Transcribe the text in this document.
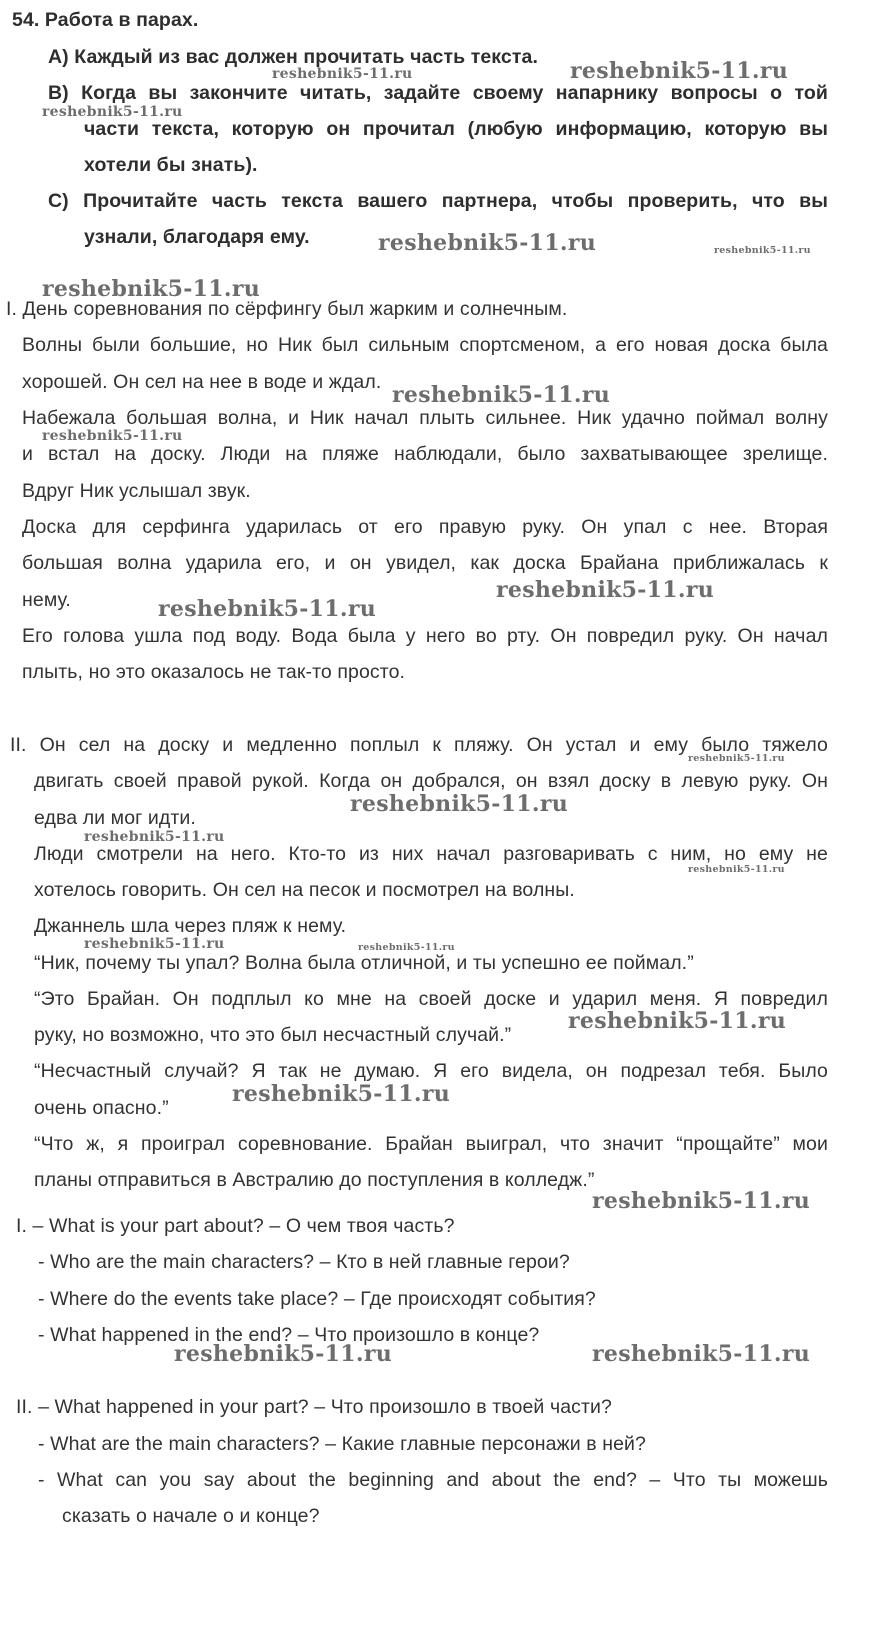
54. Работа в парах.
А) Каждый из вас должен прочитать часть текста.
В) Когда вы закончите читать, задайте своему напарнику вопросы о той
части текста, которую он прочитал (любую информацию, которую вы
хотели бы знать).
С) Прочитайте часть текста вашего партнера, чтобы проверить, что вы
узнали, благодаря ему.
I. День соревнования по сёрфингу был жарким и солнечным.
Волны были большие, но Ник был сильным спортсменом, а его новая доска была
хорошей. Он сел на нее в воде и ждал.
Набежала большая волна, и Ник начал плыть сильнее. Ник удачно поймал волну
и встал на доску. Люди на пляже наблюдали, было захватывающее зрелище.
Вдруг Ник услышал звук.
Доска для серфинга ударилась от его правую руку. Он упал с нее. Вторая
большая волна ударила его, и он увидел, как доска Брайана приближалась к
нему.
Его голова ушла под воду. Вода была у него во рту. Он повредил руку. Он начал
плыть, но это оказалось не так-то просто.
II. Он сел на доску и медленно поплыл к пляжу. Он устал и ему было тяжело
двигать своей правой рукой. Когда он добрался, он взял доску в левую руку. Он
едва ли мог идти.
Люди смотрели на него. Кто-то из них начал разговаривать с ним, но ему не
хотелось говорить. Он сел на песок и посмотрел на волны.
Джаннель шла через пляж к нему.
“Ник, почему ты упал? Волна была отличной, и ты успешно ее поймал.”
“Это Брайан. Он подплыл ко мне на своей доске и ударил меня. Я повредил
руку, но возможно, что это был несчастный случай.”
“Несчастный случай? Я так не думаю. Я его видела, он подрезал тебя. Было
очень опасно.”
“Что ж, я проиграл соревнование. Брайан выиграл, что значит “прощайте” мои
планы отправиться в Австралию до поступления в колледж.”
I. – What is your part about? – О чем твоя часть?
- Who are the main characters? – Кто в ней главные герои?
- Where do the events take place? – Где происходят события?
- What happened in the end? – Что произошло в конце?
II. – What happened in your part? – Что произошло в твоей части?
- What are the main characters? – Какие главные персонажи в ней?
- What can you say about the beginning and about the end? – Что ты можешь
сказать о начале о и конце?
reshebnik5-11.ru	reshebnik5-11.ru
reshebnik5-11.ru
reshebnik5-11.ru	reshebnik5-11.ru
reshebnik5-11.ru
reshebnik5-11.ru
reshebnik5-11.ru
reshebnik5-11.ru
reshebnik5-11.ru
reshebnik5-11.ru
reshebnik5-11.ru
reshebnik5-11.ru
reshebnik5-11.ru
reshebnik5-11.ru	reshebnik5-11.ru
reshebnik5-11.ru
reshebnik5-11.ru
reshebnik5-11.ru
reshebnik5-11.ru	reshebnik5-11.ru
